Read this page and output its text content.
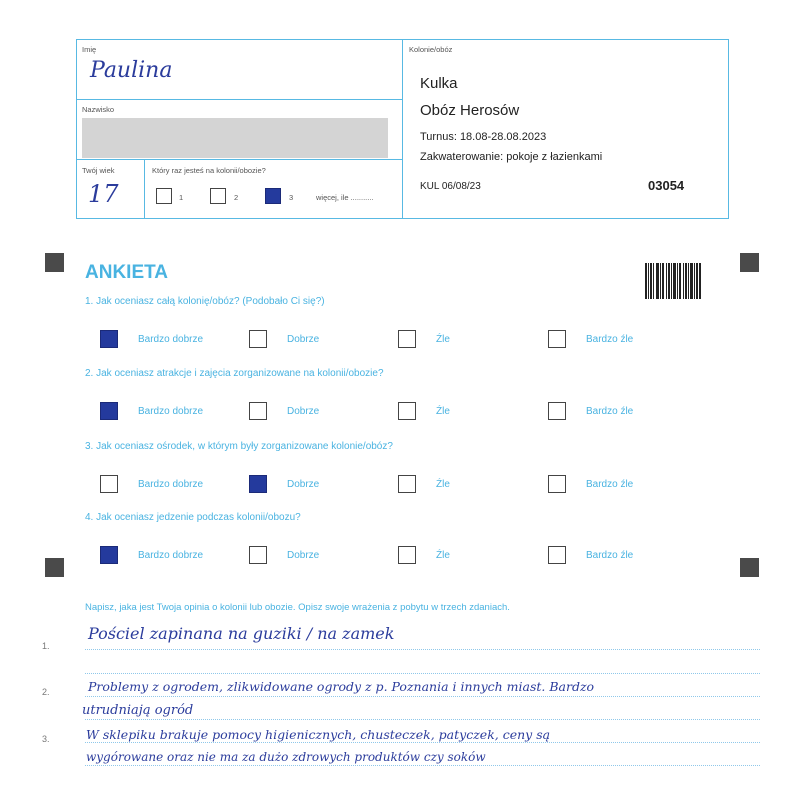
Imię
Paulina
Nazwisko
Twój wiek
17
Który raz jesteś na kolonii/obozie?
1	2	3	więcej, ile ...........
Kolonie/obóz
Kulka
Obóz Herosów
Turnus: 18.08-28.08.2023
Zakwaterowanie: pokoje z łazienkami
KUL 06/08/23	03054
ANKIETA
1. Jak oceniasz całą kolonię/obóz? (Podobało Ci się?)
Bardzo dobrze	Dobrze	Źle	Bardzo źle
2. Jak oceniasz atrakcje i zajęcia zorganizowane na kolonii/obozie?
Bardzo dobrze	Dobrze	Źle	Bardzo źle
3. Jak oceniasz ośrodek, w którym były zorganizowane kolonie/obóz?
Bardzo dobrze	Dobrze	Źle	Bardzo źle
4. Jak oceniasz jedzenie podczas kolonii/obozu?
Bardzo dobrze	Dobrze	Źle	Bardzo źle
Napisz, jaka jest Twoja opinia o kolonii lub obozie. Opisz swoje wrażenia z pobytu w trzech zdaniach.
1.
2.
3.
Pościel zapinana na guziki / na zamek
Problemy z ogrodem, zlikwidowane ogrody z p. Poznania i innych miast. Bardzo
utrudniają ogród
W sklepiku brakuje pomocy higienicznych, chusteczek, patyczek, ceny są
wygórowane oraz nie ma za dużo zdrowych produktów czy soków
